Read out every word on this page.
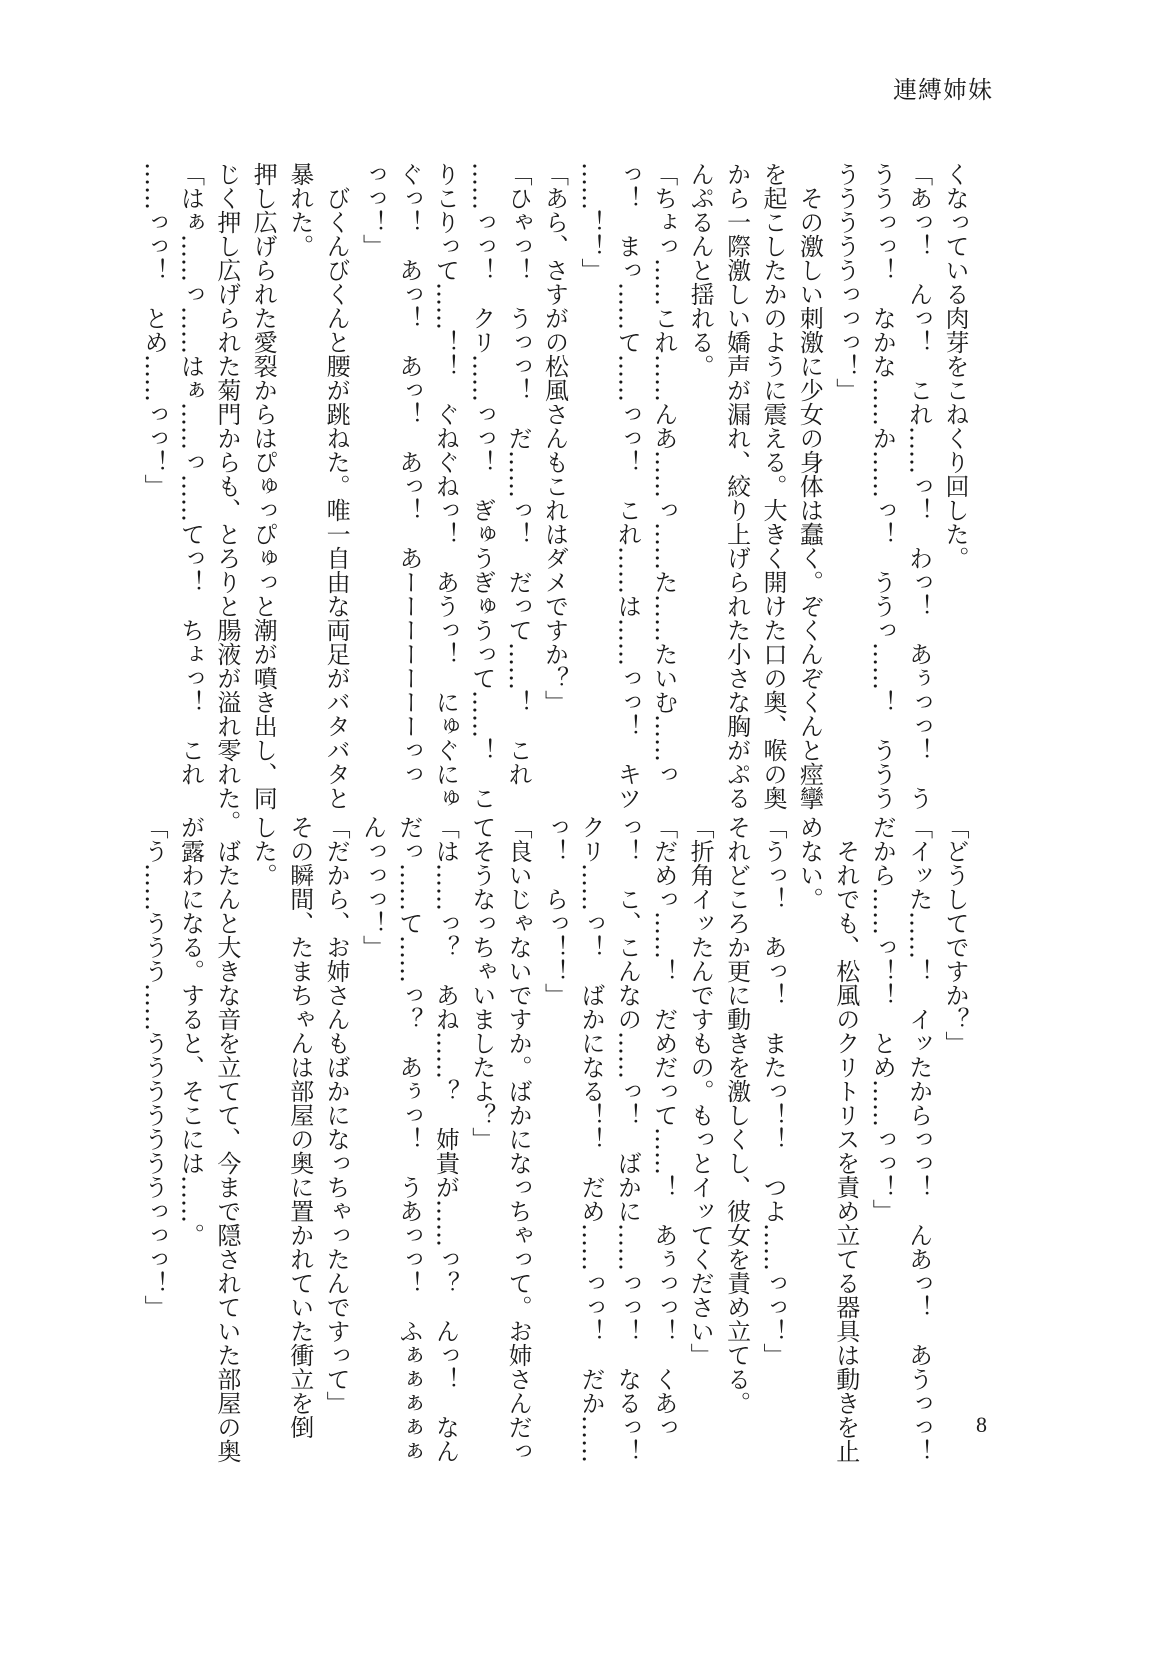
連縛姉妹
くなっている肉芽をこねくり回した。
「あっ！　んっ！　これ……っ！　わっ！　あぅっっ！　う
ううっっ！　なかな……か……っ！　ううっ……！　ううう
うううううっっっ！」
　その激しい刺激に少女の身体は蠢く。ぞくんぞくんと痙攣
を起こしたかのように震える。大きく開けた口の奥、喉の奥
から一際激しい嬌声が漏れ、絞り上げられた小さな胸がぷる
んぷるんと揺れる。
「ちょっ……これ……んあ……っ……た……たいむ……っ
っ！　まっ……て……っっ！　これ……は……っっ！　キツ
……！！」
「あら、さすがの松風さんもこれはダメですか？」
「ひゃっ！　うっっ！　だ……っ！　だって……！　これ
……っっ！　クリ……っっ！　ぎゅうぎゅうって……！　こ
りこりって……！！　ぐねぐねっ！　あうっ！　にゅぐにゅ
ぐっ！　あっ！　あっ！　あっ！　あーーーーーーーっっ
っっ！」
　びくんびくんと腰が跳ねた。唯一自由な両足がバタバタと
暴れた。
押し広げられた愛裂からはぴゅっぴゅっと潮が噴き出し、同
じく押し広げられた菊門からも、とろりと腸液が溢れ零れた。
「はぁ……っ……はぁ……っ……てっ！　ちょっ！　これ
……っっ！　とめ……っっ！」
「どうしてですか？」
「イッた……！　イッたからっっ！　んあっ！　あうっっ！
だから……っ！！　とめ……っっ！」
　それでも、松風のクリトリスを責め立てる器具は動きを止
めない。
「うっ！　あっ！　またっ！！　つよ……っっ！」
それどころか更に動きを激しくし、彼女を責め立てる。
「折角イッたんですもの。もっとイッてください」
「だめっ……！　だめだって……！　あぅっっ！　くあっ
っ！　こ、こんなの……っ！　ばかに……っっ！　なるっ！
クリ……っ！　ばかになる！！　だめ……っっ！　だか……
っ！　らっ！！」
「良いじゃないですか。ばかになっちゃって。お姉さんだっ
てそうなっちゃいましたよ？」
「は……っ？　あね……？　姉貴が……っ？　んっ！　なん
だっ……て……っ？　あぅっ！　うあっっ！　ふぁぁぁぁぁ
んっっっ！」
「だから、お姉さんもばかになっちゃったんですって」
その瞬間、たまちゃんは部屋の奥に置かれていた衝立を倒
した。
　ばたんと大きな音を立てて、今まで隠されていた部屋の奥
が露わになる。すると、そこには……。
「う……ううう……うううううううっっっ！」
8
